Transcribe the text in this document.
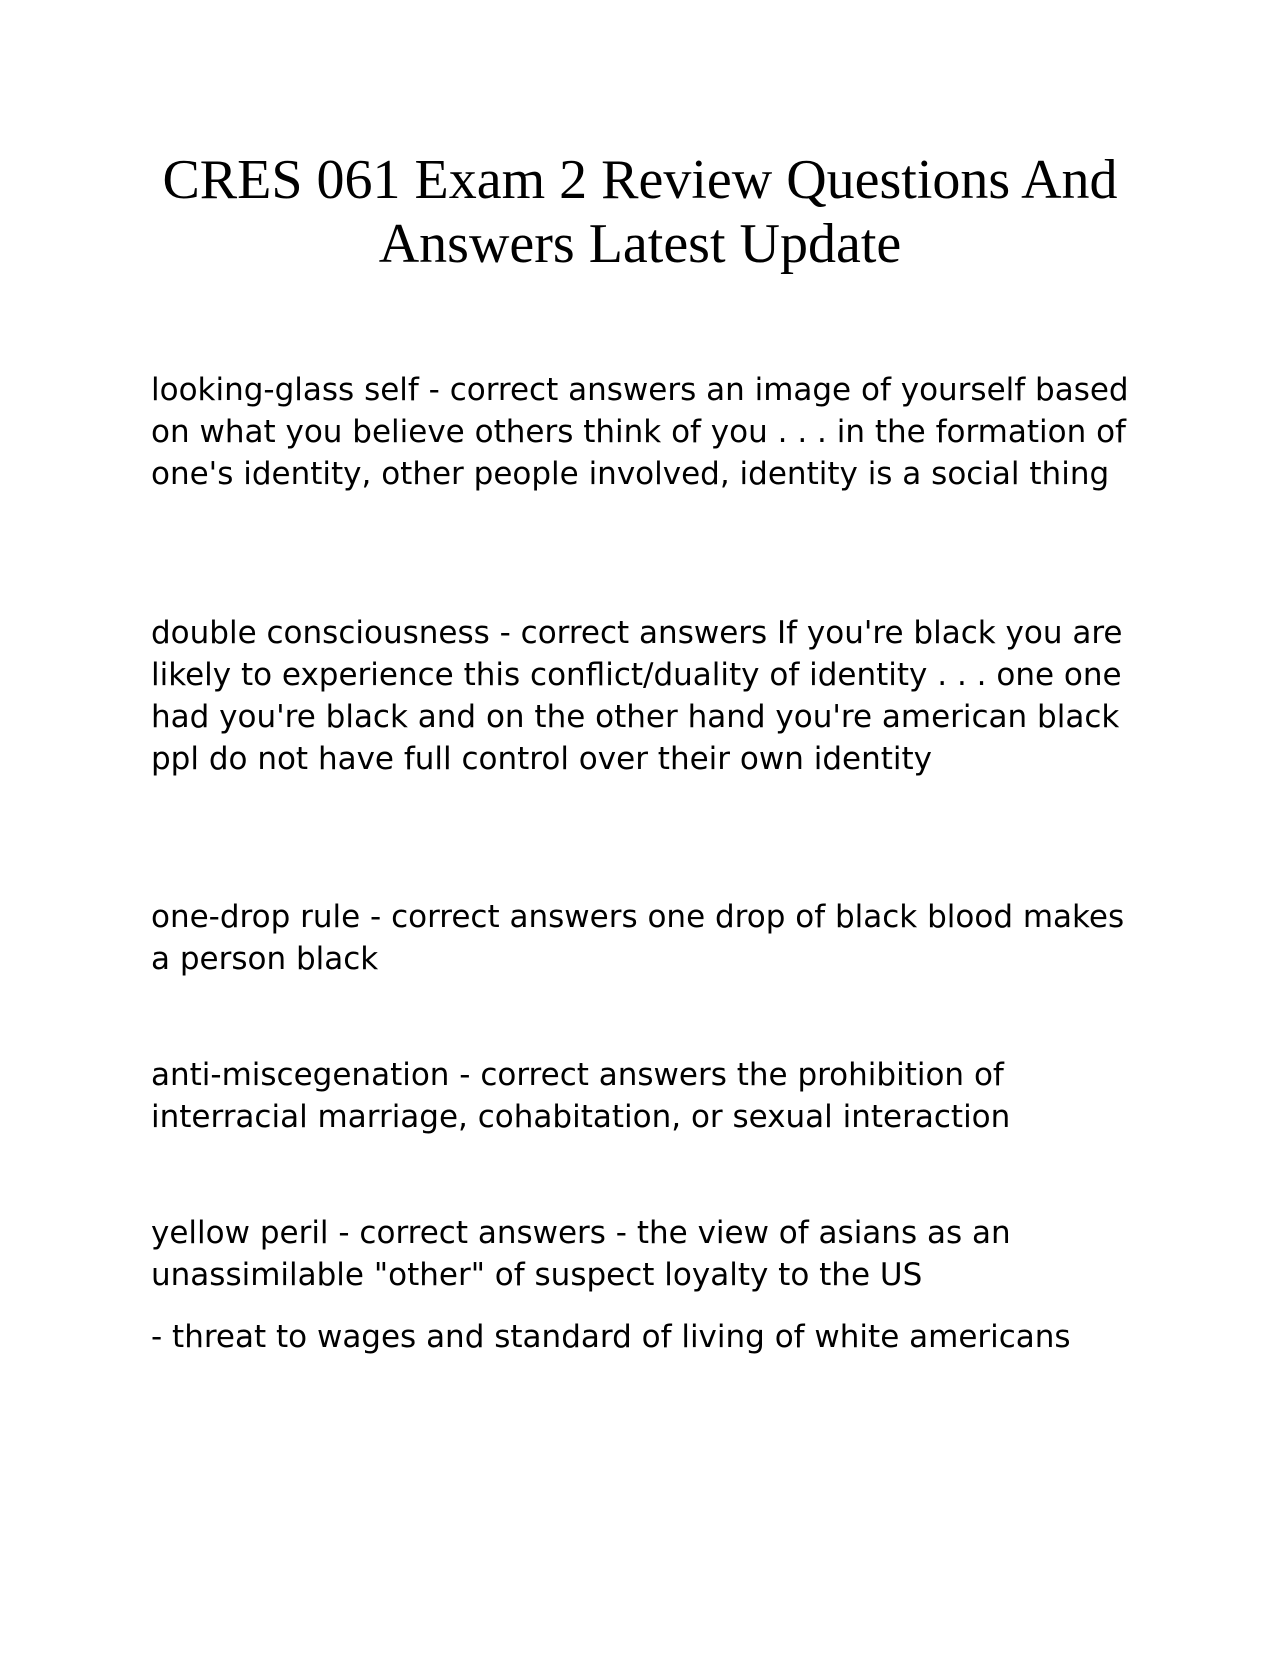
CRES 061 Exam 2 Review Questions And Answers Latest Update

looking-glass self - correct answers an image of yourself based on what you believe others think of you . . . in the formation of one's identity, other people involved, identity is a social thing

double consciousness - correct answers If you're black you are likely to experience this conflict/duality of identity . . . one one had you're black and on the other hand you're american black ppl do not have full control over their own identity

one-drop rule - correct answers one drop of black blood makes a person black

anti-miscegenation - correct answers the prohibition of interracial marriage, cohabitation, or sexual interaction

yellow peril - correct answers - the view of asians as an unassimilable "other" of suspect loyalty to the US

- threat to wages and standard of living of white americans
